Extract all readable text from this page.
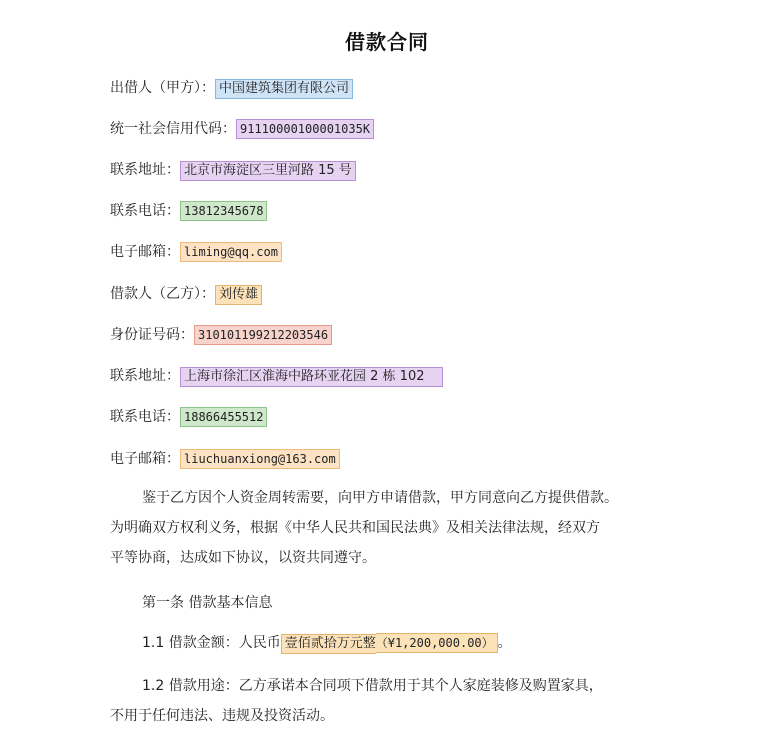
借款合同
出借人（甲方）： 中国建筑集团有限公司
统一社会信用代码： 91110000100001035K
联系地址： 北京市海淀区三里河路 15 号
联系电话： 13812345678
电子邮箱： liming@qq.com
借款人（乙方）： 刘传雄
身份证号码： 310101199212203546
联系地址： 上海市徐汇区淮海中路环亚花园 2 栋 102
联系电话： 18866455512
电子邮箱： liuchuanxiong@163.com
鉴于乙方因个人资金周转需要，向甲方申请借款，甲方同意向乙方提供借款。
为明确双方权利义务，根据《中华人民共和国民法典》及相关法律法规，经双方
平等协商，达成如下协议，以资共同遵守。
第一条 借款基本信息
1.1 借款金额：人民币 壹佰贰拾万元整（¥1,200,000.00） 。
1.2 借款用途：乙方承诺本合同项下借款用于其个人家庭装修及购置家具，
不用于任何违法、违规及投资活动。
